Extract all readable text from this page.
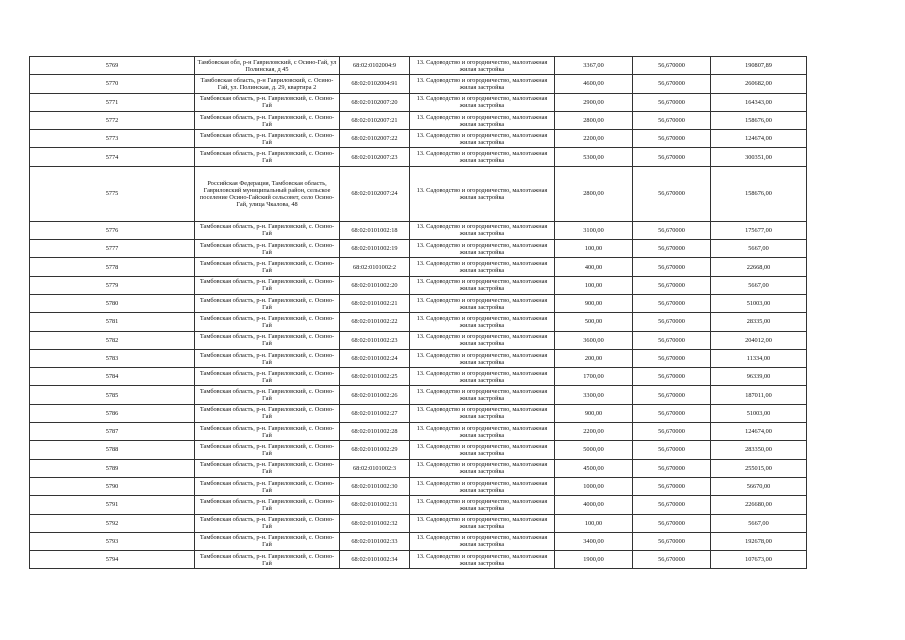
5769	Тамбовская обл, р-н Гавриловский, с Осино-Гай, ул Полинская, д 45	68:02:0102004:9	13. Садоводство и огородничество, малоэтажная жилая застройка	3367,00	56,670000	190807,89
5770	Тамбовская область, р-н Гавриловский, с. Осино-Гай, ул. Полинская, д. 29, квартира 2	68:02:0102004:91	13. Садоводство и огородничество, малоэтажная жилая застройка	4600,00	56,670000	260682,00
5771	Тамбовская область, р-н. Гавриловский, с. Осино-Гай	68:02:0102007:20	13. Садоводство и огородничество, малоэтажная жилая застройка	2900,00	56,670000	164343,00
5772	Тамбовская область, р-н. Гавриловский, с. Осино-Гай	68:02:0102007:21	13. Садоводство и огородничество, малоэтажная жилая застройка	2800,00	56,670000	158676,00
5773	Тамбовская область, р-н. Гавриловский, с. Осино-Гай	68:02:0102007:22	13. Садоводство и огородничество, малоэтажная жилая застройка	2200,00	56,670000	124674,00
5774	Тамбовская область, р-н. Гавриловский, с. Осино-Гай	68:02:0102007:23	13. Садоводство и огородничество, малоэтажная жилая застройка	5300,00	56,670000	300351,00
5775	Российская Федерация, Тамбовская область, Гавриловский муниципальный район, сельское поселение Осино-Гайский сельсовет, село Осино-Гай, улица Чкалова, 48	68:02:0102007:24	13. Садоводство и огородничество, малоэтажная жилая застройка	2800,00	56,670000	158676,00
5776	Тамбовская область, р-н. Гавриловский, с. Осино-Гай	68:02:0101002:18	13. Садоводство и огородничество, малоэтажная жилая застройка	3100,00	56,670000	175677,00
5777	Тамбовская область, р-н. Гавриловский, с. Осино-Гай	68:02:0101002:19	13. Садоводство и огородничество, малоэтажная жилая застройка	100,00	56,670000	5667,00
5778	Тамбовская область, р-н. Гавриловский, с. Осино-Гай	68:02:0101002:2	13. Садоводство и огородничество, малоэтажная жилая застройка	400,00	56,670000	22668,00
5779	Тамбовская область, р-н. Гавриловский, с. Осино-Гай	68:02:0101002:20	13. Садоводство и огородничество, малоэтажная жилая застройка	100,00	56,670000	5667,00
5780	Тамбовская область, р-н. Гавриловский, с. Осино-Гай	68:02:0101002:21	13. Садоводство и огородничество, малоэтажная жилая застройка	900,00	56,670000	51003,00
5781	Тамбовская область, р-н. Гавриловский, с. Осино-Гай	68:02:0101002:22	13. Садоводство и огородничество, малоэтажная жилая застройка	500,00	56,670000	28335,00
5782	Тамбовская область, р-н. Гавриловский, с. Осино-Гай	68:02:0101002:23	13. Садоводство и огородничество, малоэтажная жилая застройка	3600,00	56,670000	204012,00
5783	Тамбовская область, р-н. Гавриловский, с. Осино-Гай	68:02:0101002:24	13. Садоводство и огородничество, малоэтажная жилая застройка	200,00	56,670000	11334,00
5784	Тамбовская область, р-н. Гавриловский, с. Осино-Гай	68:02:0101002:25	13. Садоводство и огородничество, малоэтажная жилая застройка	1700,00	56,670000	96339,00
5785	Тамбовская область, р-н. Гавриловский, с. Осино-Гай	68:02:0101002:26	13. Садоводство и огородничество, малоэтажная жилая застройка	3300,00	56,670000	187011,00
5786	Тамбовская область, р-н. Гавриловский, с. Осино-Гай	68:02:0101002:27	13. Садоводство и огородничество, малоэтажная жилая застройка	900,00	56,670000	51003,00
5787	Тамбовская область, р-н. Гавриловский, с. Осино-Гай	68:02:0101002:28	13. Садоводство и огородничество, малоэтажная жилая застройка	2200,00	56,670000	124674,00
5788	Тамбовская область, р-н. Гавриловский, с. Осино-Гай	68:02:0101002:29	13. Садоводство и огородничество, малоэтажная жилая застройка	5000,00	56,670000	283350,00
5789	Тамбовская область, р-н. Гавриловский, с. Осино-Гай	68:02:0101002:3	13. Садоводство и огородничество, малоэтажная жилая застройка	4500,00	56,670000	255015,00
5790	Тамбовская область, р-н. Гавриловский, с. Осино-Гай	68:02:0101002:30	13. Садоводство и огородничество, малоэтажная жилая застройка	1000,00	56,670000	56670,00
5791	Тамбовская область, р-н. Гавриловский, с. Осино-Гай	68:02:0101002:31	13. Садоводство и огородничество, малоэтажная жилая застройка	4000,00	56,670000	226680,00
5792	Тамбовская область, р-н. Гавриловский, с. Осино-Гай	68:02:0101002:32	13. Садоводство и огородничество, малоэтажная жилая застройка	100,00	56,670000	5667,00
5793	Тамбовская область, р-н. Гавриловский, с. Осино-Гай	68:02:0101002:33	13. Садоводство и огородничество, малоэтажная жилая застройка	3400,00	56,670000	192678,00
5794	Тамбовская область, р-н. Гавриловский, с. Осино-Гай	68:02:0101002:34	13. Садоводство и огородничество, малоэтажная жилая застройка	1900,00	56,670000	107673,00
